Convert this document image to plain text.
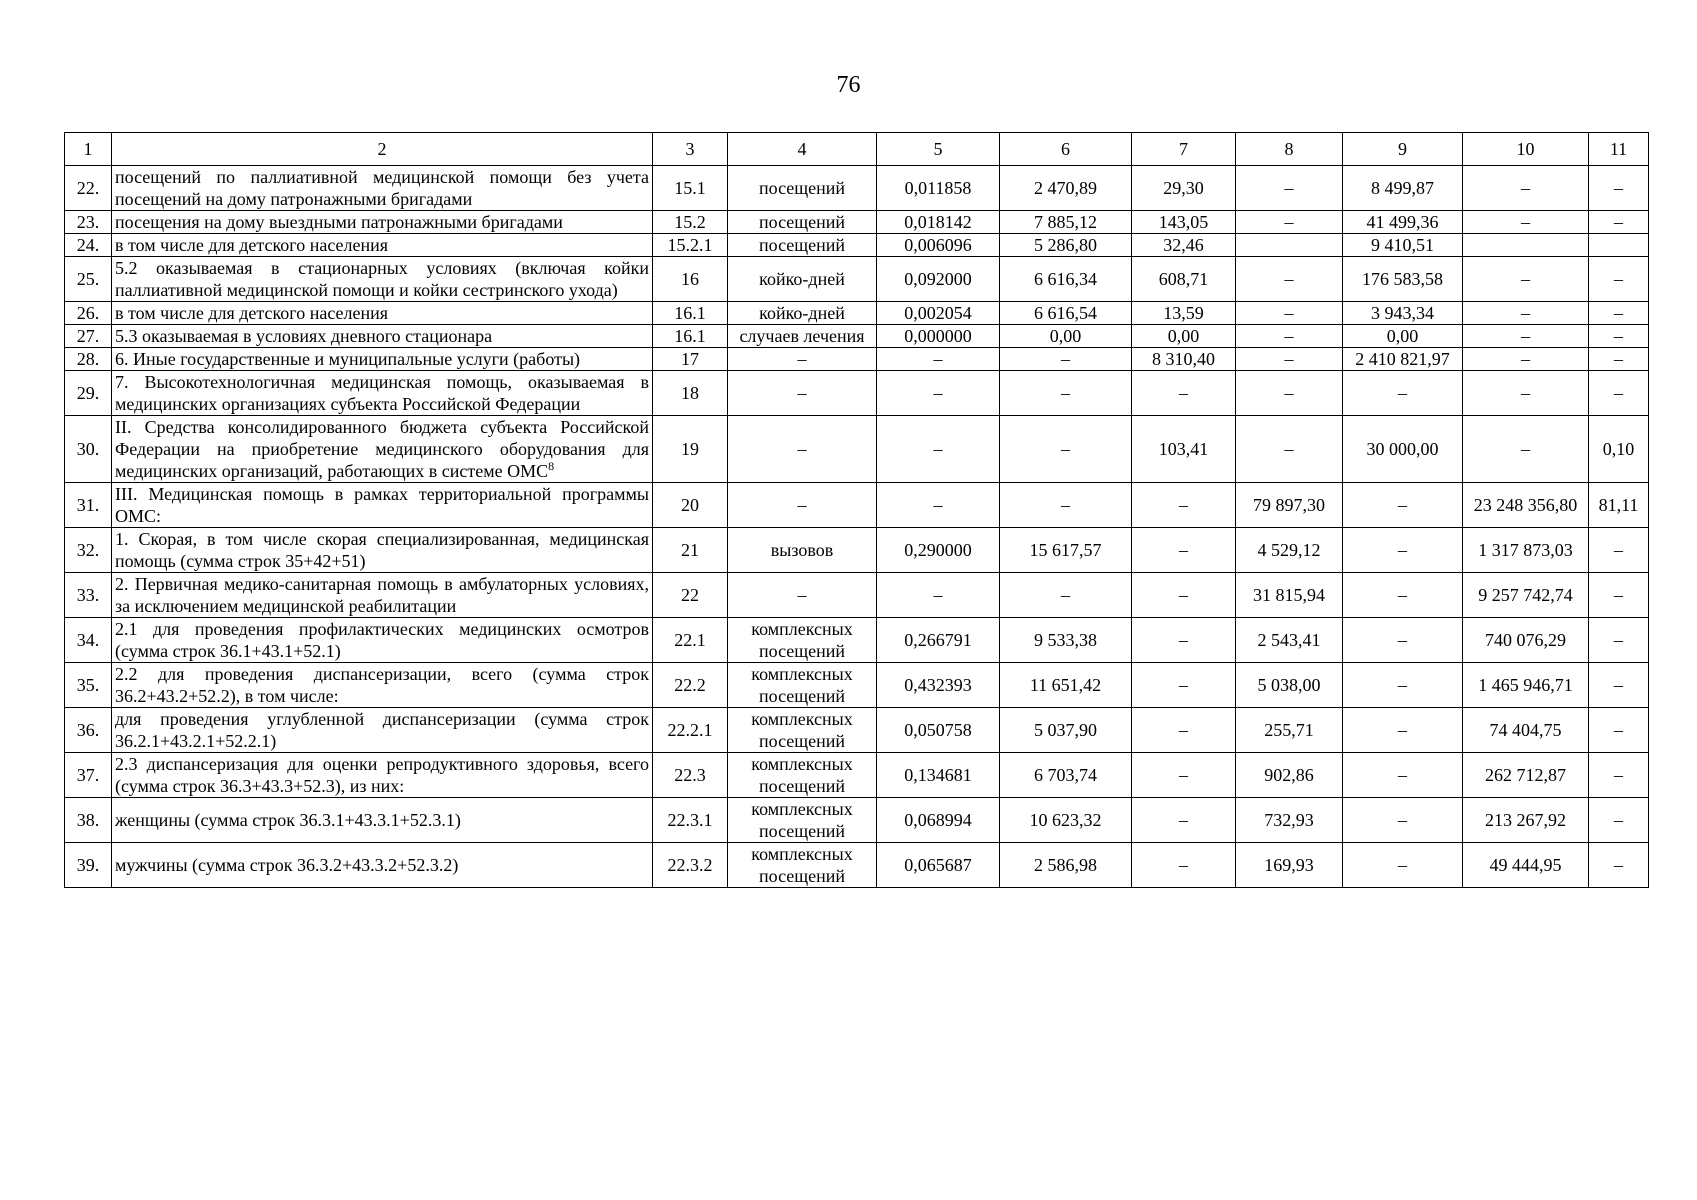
76
1	2	3	4	5	6	7	8	9	10	11
22.	посещений по паллиативной медицинской помощи без учета посещений на дому патронажными бригадами	15.1	посещений	0,011858	2 470,89	29,30	–	8 499,87	–	–
23.	посещения на дому выездными патронажными бригадами	15.2	посещений	0,018142	7 885,12	143,05	–	41 499,36	–	–
24.	в том числе для детского населения	15.2.1	посещений	0,006096	5 286,80	32,46		9 410,51		
25.	5.2 оказываемая в стационарных условиях (включая койки паллиативной медицинской помощи и койки сестринского ухода)	16	койко-дней	0,092000	6 616,34	608,71	–	176 583,58	–	–
26.	в том числе для детского населения	16.1	койко-дней	0,002054	6 616,54	13,59	–	3 943,34	–	–
27.	5.3 оказываемая в условиях дневного стационара	16.1	случаев лечения	0,000000	0,00	0,00	–	0,00	–	–
28.	6. Иные государственные и муниципальные услуги (работы)	17	–	–	–	8 310,40	–	2 410 821,97	–	–
29.	7. Высокотехнологичная медицинская помощь, оказываемая в медицинских организациях субъекта Российской Федерации	18	–	–	–	–	–	–	–	–
30.	II. Средства консолидированного бюджета субъекта Российской Федерации на приобретение медицинского оборудования для медицинских организаций, работающих в системе ОМС$^8$	19	–	–	–	103,41	–	30 000,00	–	0,10
31.	III. Медицинская помощь в рамках территориальной программы ОМС:	20	–	–	–	–	79 897,30	–	23 248 356,80	81,11
32.	1. Скорая, в том числе скорая специализированная, медицинская помощь (сумма строк 35+42+51)	21	вызовов	0,290000	15 617,57	–	4 529,12	–	1 317 873,03	–
33.	2. Первичная медико-санитарная помощь в амбулаторных условиях, за исключением медицинской реабилитации	22	–	–	–	–	31 815,94	–	9 257 742,74	–
34.	2.1 для проведения профилактических медицинских осмотров (сумма строк 36.1+43.1+52.1)	22.1	комплексных посещений	0,266791	9 533,38	–	2 543,41	–	740 076,29	–
35.	2.2 для проведения диспансеризации, всего (сумма строк 36.2+43.2+52.2), в том числе:	22.2	комплексных посещений	0,432393	11 651,42	–	5 038,00	–	1 465 946,71	–
36.	для проведения углубленной диспансеризации (сумма строк 36.2.1+43.2.1+52.2.1)	22.2.1	комплексных посещений	0,050758	5 037,90	–	255,71	–	74 404,75	–
37.	2.3 диспансеризация для оценки репродуктивного здоровья, всего (сумма строк 36.3+43.3+52.3), из них:	22.3	комплексных посещений	0,134681	6 703,74	–	902,86	–	262 712,87	–
38.	женщины (сумма строк 36.3.1+43.3.1+52.3.1)	22.3.1	комплексных посещений	0,068994	10 623,32	–	732,93	–	213 267,92	–
39.	мужчины (сумма строк 36.3.2+43.3.2+52.3.2)	22.3.2	комплексных посещений	0,065687	2 586,98	–	169,93	–	49 444,95	–
